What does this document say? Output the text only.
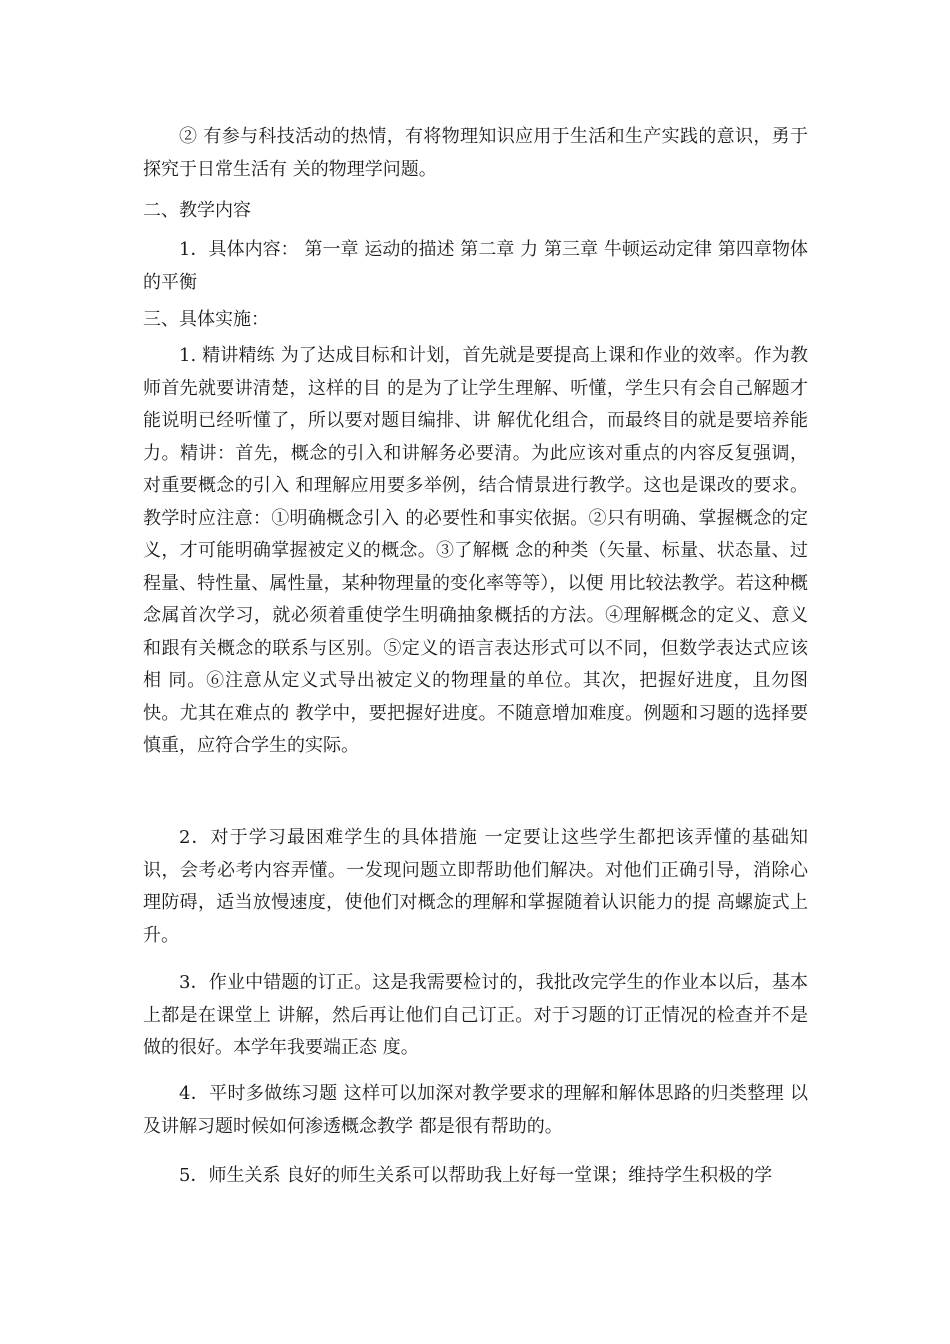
② 有参与科技活动的热情，有将物理知识应用于生活和生产实践的意识，勇于探究于日常生活有 关的物理学问题。

二、教学内容

1．具体内容： 第一章 运动的描述 第二章 力 第三章 牛顿运动定律 第四章物体的平衡

三、具体实施：

1. 精讲精练 为了达成目标和计划，首先就是要提高上课和作业的效率。作为教师首先就要讲清楚，这样的目 的是为了让学生理解、听懂，学生只有会自己解题才能说明已经听懂了，所以要对题目编排、讲 解优化组合，而最终目的就是要培养能力。精讲：首先，概念的引入和讲解务必要清。为此应该对重点的内容反复强调，对重要概念的引入 和理解应用要多举例，结合情景进行教学。这也是课改的要求。教学时应注意：①明确概念引入 的必要性和事实依据。②只有明确、掌握概念的定义，才可能明确掌握被定义的概念。③了解概 念的种类（矢量、标量、状态量、过程量、特性量、属性量，某种物理量的变化率等等），以便 用比较法教学。若这种概念属首次学习，就必须着重使学生明确抽象概括的方法。④理解概念的定义、意义和跟有关概念的联系与区别。⑤定义的语言表达形式可以不同，但数学表达式应该相 同。⑥注意从定义式导出被定义的物理量的单位。其次，把握好进度，且勿图快。尤其在难点的 教学中，要把握好进度。不随意增加难度。例题和习题的选择要慎重，应符合学生的实际。

2．对于学习最困难学生的具体措施 一定要让这些学生都把该弄懂的基础知识，会考必考内容弄懂。一发现问题立即帮助他们解决。对他们正确引导，消除心理防碍，适当放慢速度，使他们对概念的理解和掌握随着认识能力的提 高螺旋式上升。

3．作业中错题的订正。这是我需要检讨的，我批改完学生的作业本以后，基本上都是在课堂上 讲解，然后再让他们自己订正。对于习题的订正情况的检查并不是做的很好。本学年我要端正态 度。

4．平时多做练习题 这样可以加深对教学要求的理解和解体思路的归类整理 以及讲解习题时候如何渗透概念教学 都是很有帮助的。

5．师生关系 良好的师生关系可以帮助我上好每一堂课；维持学生积极的学
